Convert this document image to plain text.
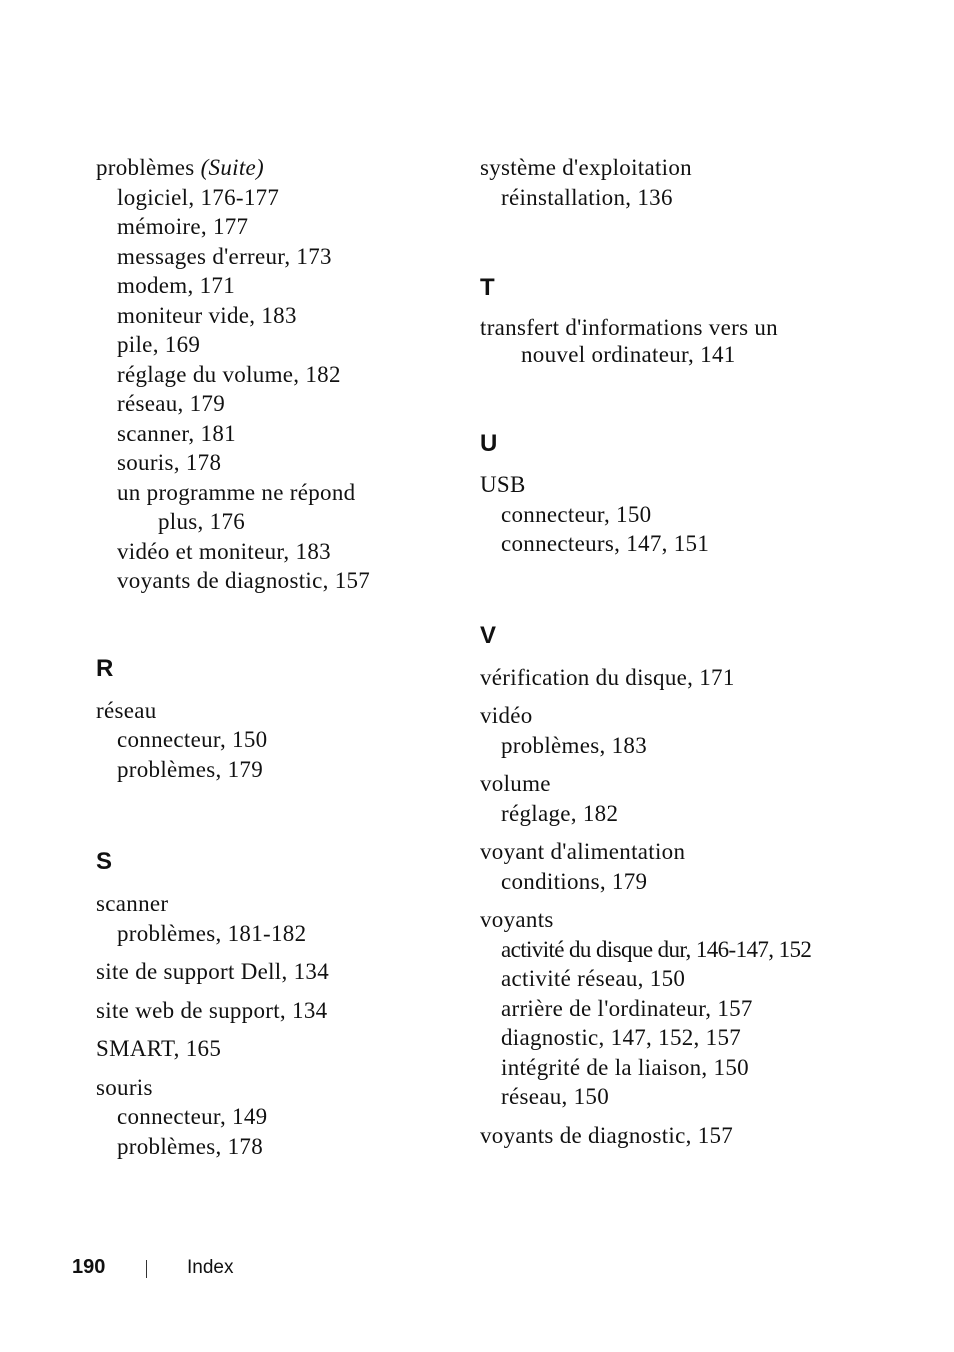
problèmes (Suite)
logiciel, 176-177
mémoire, 177
messages d'erreur, 173
modem, 171
moniteur vide, 183
pile, 169
réglage du volume, 182
réseau, 179
scanner, 181
souris, 178
un programme ne répond
plus, 176
vidéo et moniteur, 183
voyants de diagnostic, 157
R
réseau
connecteur, 150
problèmes, 179
S
scanner
problèmes, 181-182
site de support Dell, 134
site web de support, 134
SMART, 165
souris
connecteur, 149
problèmes, 178
système d'exploitation
réinstallation, 136
T
transfert d'informations vers un
nouvel ordinateur, 141
U
USB
connecteur, 150
connecteurs, 147, 151
V
vérification du disque, 171
vidéo
problèmes, 183
volume
réglage, 182
voyant d'alimentation
conditions, 179
voyants
activité du disque dur, 146-147, 152
activité réseau, 150
arrière de l'ordinateur, 157
diagnostic, 147, 152, 157
intégrité de la liaison, 150
réseau, 150
voyants de diagnostic, 157
190	Index
